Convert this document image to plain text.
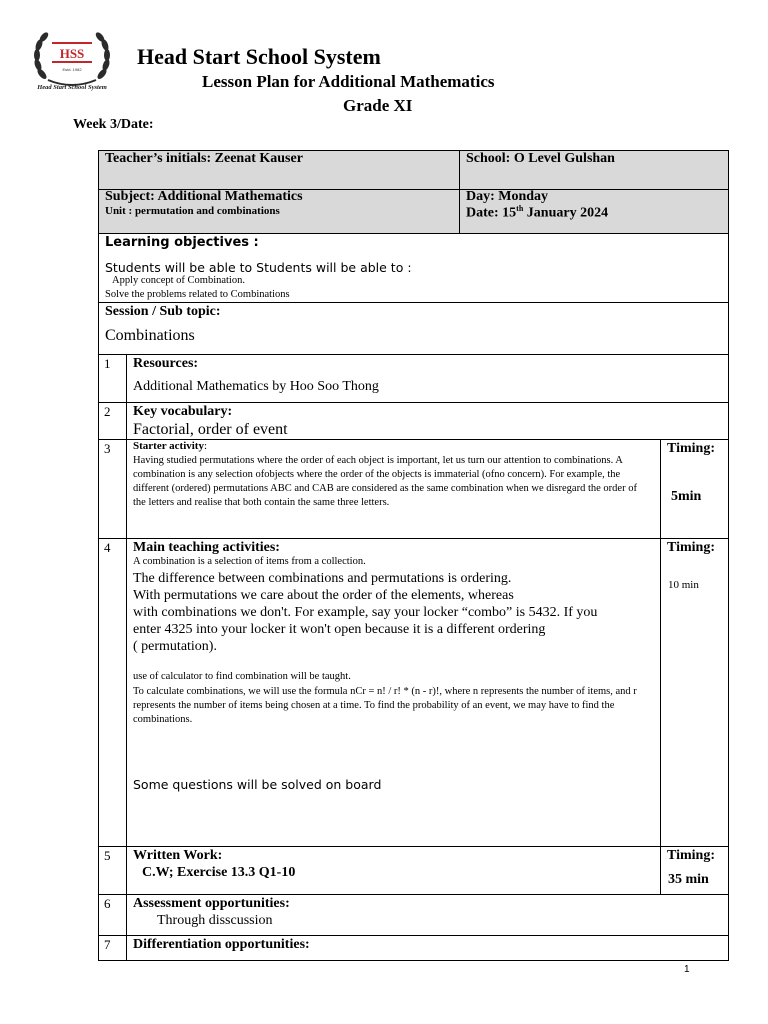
HSS
Estd. 1982
Head Start School System
Head Start School System
Lesson Plan for Additional Mathematics
Grade XI
Week 3/Date:
Teacher’s initials: Zeenat Kauser	School: O Level Gulshan
Subject: Additional Mathematics
Unit : permutation and combinations
Day: Monday
Date: 15th January 2024
Learning objectives :
Students will be able to Students will be able to :
Apply concept of Combination.
Solve the problems related to Combinations
Session / Sub topic:
Combinations
1 Resources:
Additional Mathematics by Hoo Soo Thong
2 Key vocabulary:
Factorial, order of event
3 Starter activity:
Having studied permutations where the order of each object is important, let us turn our attention to combinations. A combination is any selection ofobjects where the order of the objects is immaterial (ofno concern). For example, the different (ordered) permutations ABC and CAB are considered as the same combination when we disregard the order of the letters and realise that both contain the same three letters.
Timing:
5min
4 Main teaching activities:
A combination is a selection of items from a collection.
The difference between combinations and permutations is ordering.
With permutations we care about the order of the elements, whereas
with combinations we don't. For example, say your locker “combo” is 5432. If you
enter 4325 into your locker it won't open because it is a different ordering
( permutation).
use of calculator to find combination will be taught.
To calculate combinations, we will use the formula nCr = n! / r! * (n - r)!, where n represents the number of items, and r represents the number of items being chosen at a time. To find the probability of an event, we may have to find the combinations.
Some questions will be solved on board
Timing:
10 min
5 Written Work:
C.W; Exercise 13.3 Q1-10
Timing:
35 min
6 Assessment opportunities:
Through disscussion
7 Differentiation opportunities:
1
